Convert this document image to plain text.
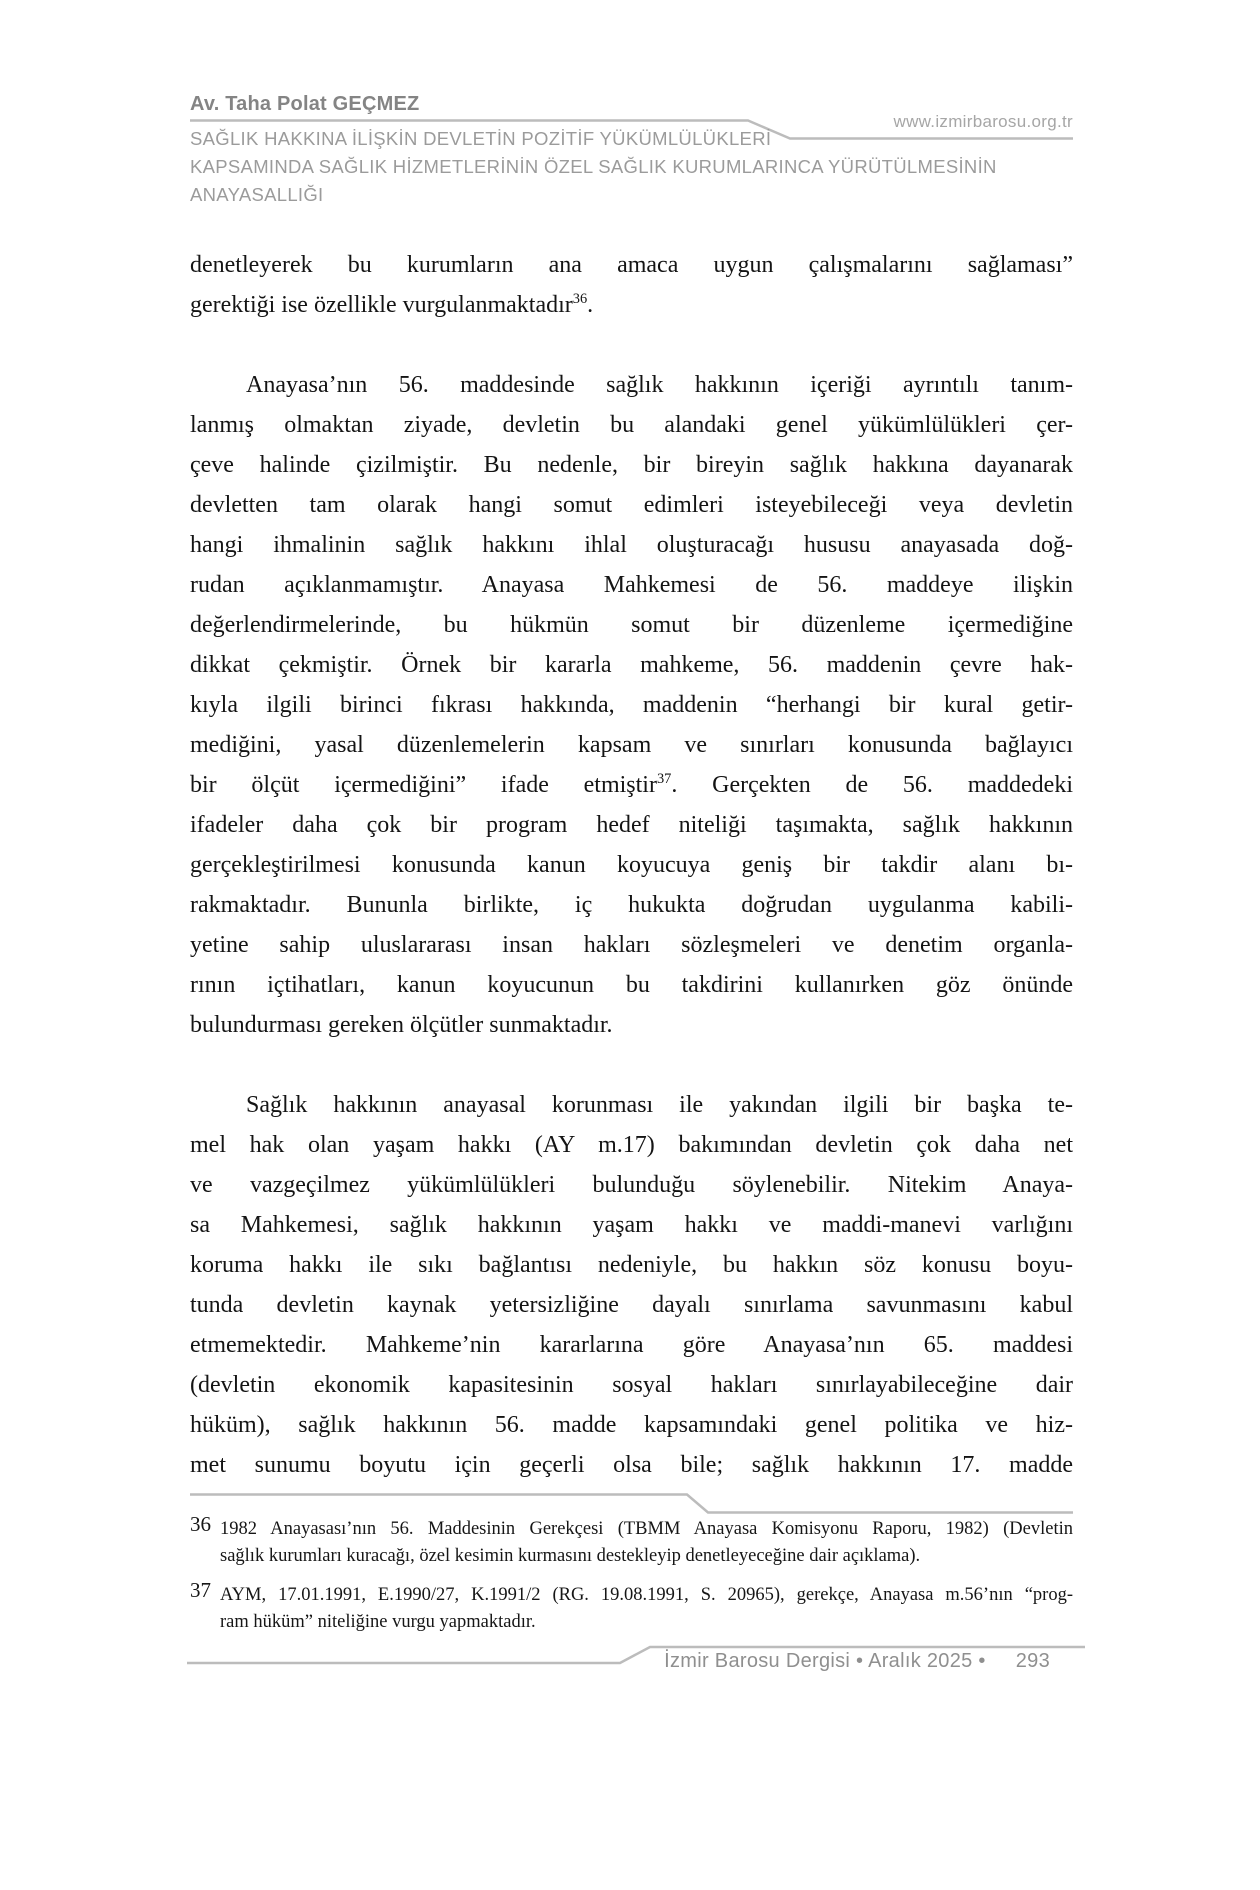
Av. Taha Polat GEÇMEZ
www.izmirbarosu.org.tr
SAĞLIK HAKKINA İLİŞKİN DEVLETİN POZİTİF YÜKÜMLÜLÜKLERİ
KAPSAMINDA SAĞLIK HİZMETLERİNİN ÖZEL SAĞLIK KURUMLARINCA YÜRÜTÜLMESİNİN
ANAYASALLIĞI
denetleyerek bu kurumların ana amaca uygun çalışmalarını sağlaması”
gerektiği ise özellikle vurgulanmaktadır$^{36}$.
Anayasa’nın 56. maddesinde sağlık hakkının içeriği ayrıntılı tanım-
lanmış olmaktan ziyade, devletin bu alandaki genel yükümlülükleri çer-
çeve halinde çizilmiştir. Bu nedenle, bir bireyin sağlık hakkına dayanarak
devletten tam olarak hangi somut edimleri isteyebileceği veya devletin
hangi ihmalinin sağlık hakkını ihlal oluşturacağı hususu anayasada doğ-
rudan açıklanmamıştır. Anayasa Mahkemesi de 56. maddeye ilişkin
değerlendirmelerinde, bu hükmün somut bir düzenleme içermediğine
dikkat çekmiştir. Örnek bir kararla mahkeme, 56. maddenin çevre hak-
kıyla ilgili birinci fıkrası hakkında, maddenin “herhangi bir kural getir-
mediğini, yasal düzenlemelerin kapsam ve sınırları konusunda bağlayıcı
bir ölçüt içermediğini” ifade etmiştir$^{37}$. Gerçekten de 56. maddedeki
ifadeler daha çok bir program hedef niteliği taşımakta, sağlık hakkının
gerçekleştirilmesi konusunda kanun koyucuya geniş bir takdir alanı bı-
rakmaktadır. Bununla birlikte, iç hukukta doğrudan uygulanma kabili-
yetine sahip uluslararası insan hakları sözleşmeleri ve denetim organla-
rının içtihatları, kanun koyucunun bu takdirini kullanırken göz önünde
bulundurması gereken ölçütler sunmaktadır.
Sağlık hakkının anayasal korunması ile yakından ilgili bir başka te-
mel hak olan yaşam hakkı (AY m.17) bakımından devletin çok daha net
ve vazgeçilmez yükümlülükleri bulunduğu söylenebilir. Nitekim Anaya-
sa Mahkemesi, sağlık hakkının yaşam hakkı ve maddi-manevi varlığını
koruma hakkı ile sıkı bağlantısı nedeniyle, bu hakkın söz konusu boyu-
tunda devletin kaynak yetersizliğine dayalı sınırlama savunmasını kabul
etmemektedir. Mahkeme’nin kararlarına göre Anayasa’nın 65. maddesi
(devletin ekonomik kapasitesinin sosyal hakları sınırlayabileceğine dair
hüküm), sağlık hakkının 56. madde kapsamındaki genel politika ve hiz-
met sunumu boyutu için geçerli olsa bile; sağlık hakkının 17. madde
36 1982 Anayasası’nın 56. Maddesinin Gerekçesi (TBMM Anayasa Komisyonu Raporu, 1982) (Devletin
sağlık kurumları kuracağı, özel kesimin kurmasını destekleyip denetleyeceğine dair açıklama).
37 AYM, 17.01.1991, E.1990/27, K.1991/2 (RG. 19.08.1991, S. 20965), gerekçe, Anayasa m.56’nın “prog-
ram hüküm” niteliğine vurgu yapmaktadır.
İzmir Barosu Dergisi • Aralık 2025 • 293
